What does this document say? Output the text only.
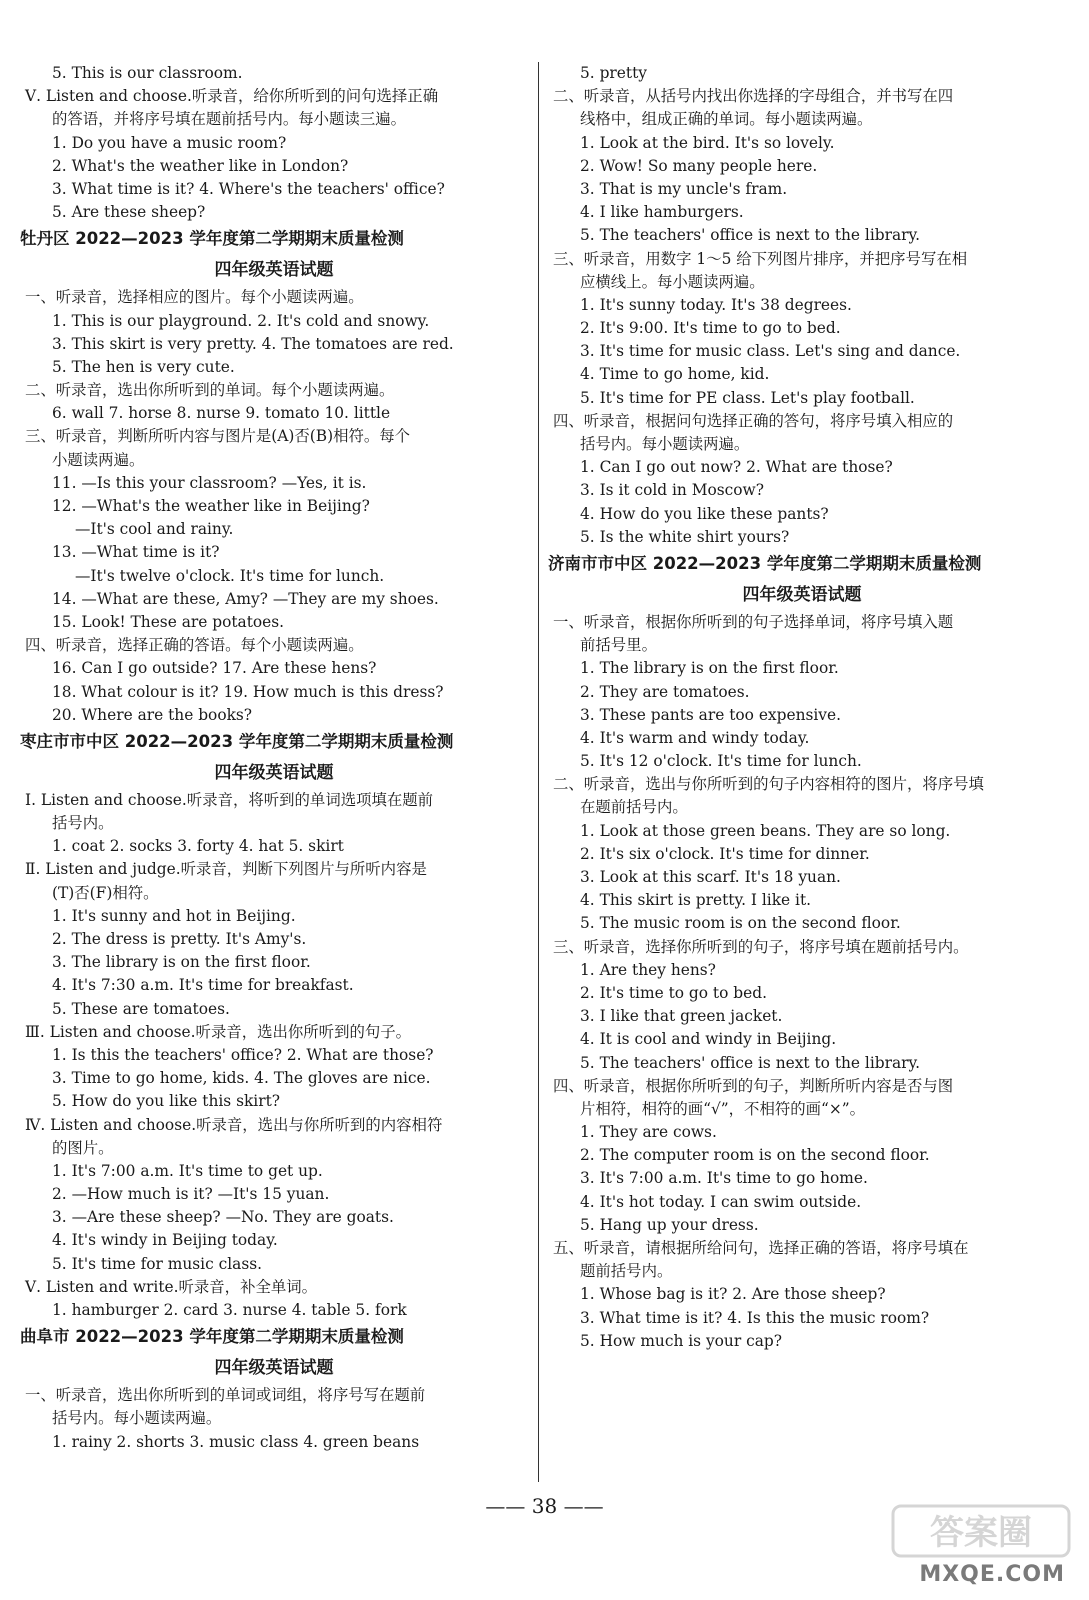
5. This is our classroom.
Ⅴ. Listen and choose.听录音，给你所听到的问句选择正确
的答语，并将序号填在题前括号内。每小题读三遍。
1. Do you have a music room?
2. What's the weather like in London?
3. What time is it? 4. Where's the teachers' office?
5. Are these sheep?
牡丹区 2022—2023 学年度第二学期期末质量检测
四年级英语试题
一、听录音，选择相应的图片。每个小题读两遍。
1. This is our playground. 2. It's cold and snowy.
3. This skirt is very pretty. 4. The tomatoes are red.
5. The hen is very cute.
二、听录音，选出你所听到的单词。每个小题读两遍。
6. wall 7. horse 8. nurse 9. tomato 10. little
三、听录音，判断所听内容与图片是(A)否(B)相符。每个
小题读两遍。
11. —Is this your classroom? —Yes, it is.
12. —What's the weather like in Beijing?
—It's cool and rainy.
13. —What time is it?
—It's twelve o'clock. It's time for lunch.
14. —What are these, Amy? —They are my shoes.
15. Look! These are potatoes.
四、听录音，选择正确的答语。每个小题读两遍。
16. Can I go outside? 17. Are these hens?
18. What colour is it? 19. How much is this dress?
20. Where are the books?
枣庄市市中区 2022—2023 学年度第二学期期末质量检测
四年级英语试题
Ⅰ. Listen and choose.听录音，将听到的单词选项填在题前
括号内。
1. coat 2. socks 3. forty 4. hat 5. skirt
Ⅱ. Listen and judge.听录音，判断下列图片与所听内容是
(T)否(F)相符。
1. It's sunny and hot in Beijing.
2. The dress is pretty. It's Amy's.
3. The library is on the first floor.
4. It's 7:30 a.m. It's time for breakfast.
5. These are tomatoes.
Ⅲ. Listen and choose.听录音，选出你所听到的句子。
1. Is this the teachers' office? 2. What are those?
3. Time to go home, kids. 4. The gloves are nice.
5. How do you like this skirt?
Ⅳ. Listen and choose.听录音，选出与你所听到的内容相符
的图片。
1. It's 7:00 a.m. It's time to get up.
2. —How much is it? —It's 15 yuan.
3. —Are these sheep? —No. They are goats.
4. It's windy in Beijing today.
5. It's time for music class.
Ⅴ. Listen and write.听录音，补全单词。
1. hamburger 2. card 3. nurse 4. table 5. fork
曲阜市 2022—2023 学年度第二学期期末质量检测
四年级英语试题
一、听录音，选出你所听到的单词或词组，将序号写在题前
括号内。每小题读两遍。
1. rainy 2. shorts 3. music class 4. green beans
5. pretty
二、听录音，从括号内找出你选择的字母组合，并书写在四
线格中，组成正确的单词。每小题读两遍。
1. Look at the bird. It's so lovely.
2. Wow! So many people here.
3. That is my uncle's fram.
4. I like hamburgers.
5. The teachers' office is next to the library.
三、听录音，用数字 1～5 给下列图片排序，并把序号写在相
应横线上。每小题读两遍。
1. It's sunny today. It's 38 degrees.
2. It's 9:00. It's time to go to bed.
3. It's time for music class. Let's sing and dance.
4. Time to go home, kid.
5. It's time for PE class. Let's play football.
四、听录音，根据问句选择正确的答句，将序号填入相应的
括号内。每小题读两遍。
1. Can I go out now? 2. What are those?
3. Is it cold in Moscow?
4. How do you like these pants?
5. Is the white shirt yours?
济南市市中区 2022—2023 学年度第二学期期末质量检测
四年级英语试题
一、听录音，根据你所听到的句子选择单词，将序号填入题
前括号里。
1. The library is on the first floor.
2. They are tomatoes.
3. These pants are too expensive.
4. It's warm and windy today.
5. It's 12 o'clock. It's time for lunch.
二、听录音，选出与你所听到的句子内容相符的图片，将序号填
在题前括号内。
1. Look at those green beans. They are so long.
2. It's six o'clock. It's time for dinner.
3. Look at this scarf. It's 18 yuan.
4. This skirt is pretty. I like it.
5. The music room is on the second floor.
三、听录音，选择你所听到的句子，将序号填在题前括号内。
1. Are they hens?
2. It's time to go to bed.
3. I like that green jacket.
4. It is cool and windy in Beijing.
5. The teachers' office is next to the library.
四、听录音，根据你所听到的句子，判断所听内容是否与图
片相符，相符的画“√”，不相符的画“×”。
1. They are cows.
2. The computer room is on the second floor.
3. It's 7:00 a.m. It's time to go home.
4. It's hot today. I can swim outside.
5. Hang up your dress.
五、听录音，请根据所给问句，选择正确的答语，将序号填在
题前括号内。
1. Whose bag is it? 2. Are those sheep?
3. What time is it? 4. Is this the music room?
5. How much is your cap?
—— 38 ——
答案圈
MXQE.COM
